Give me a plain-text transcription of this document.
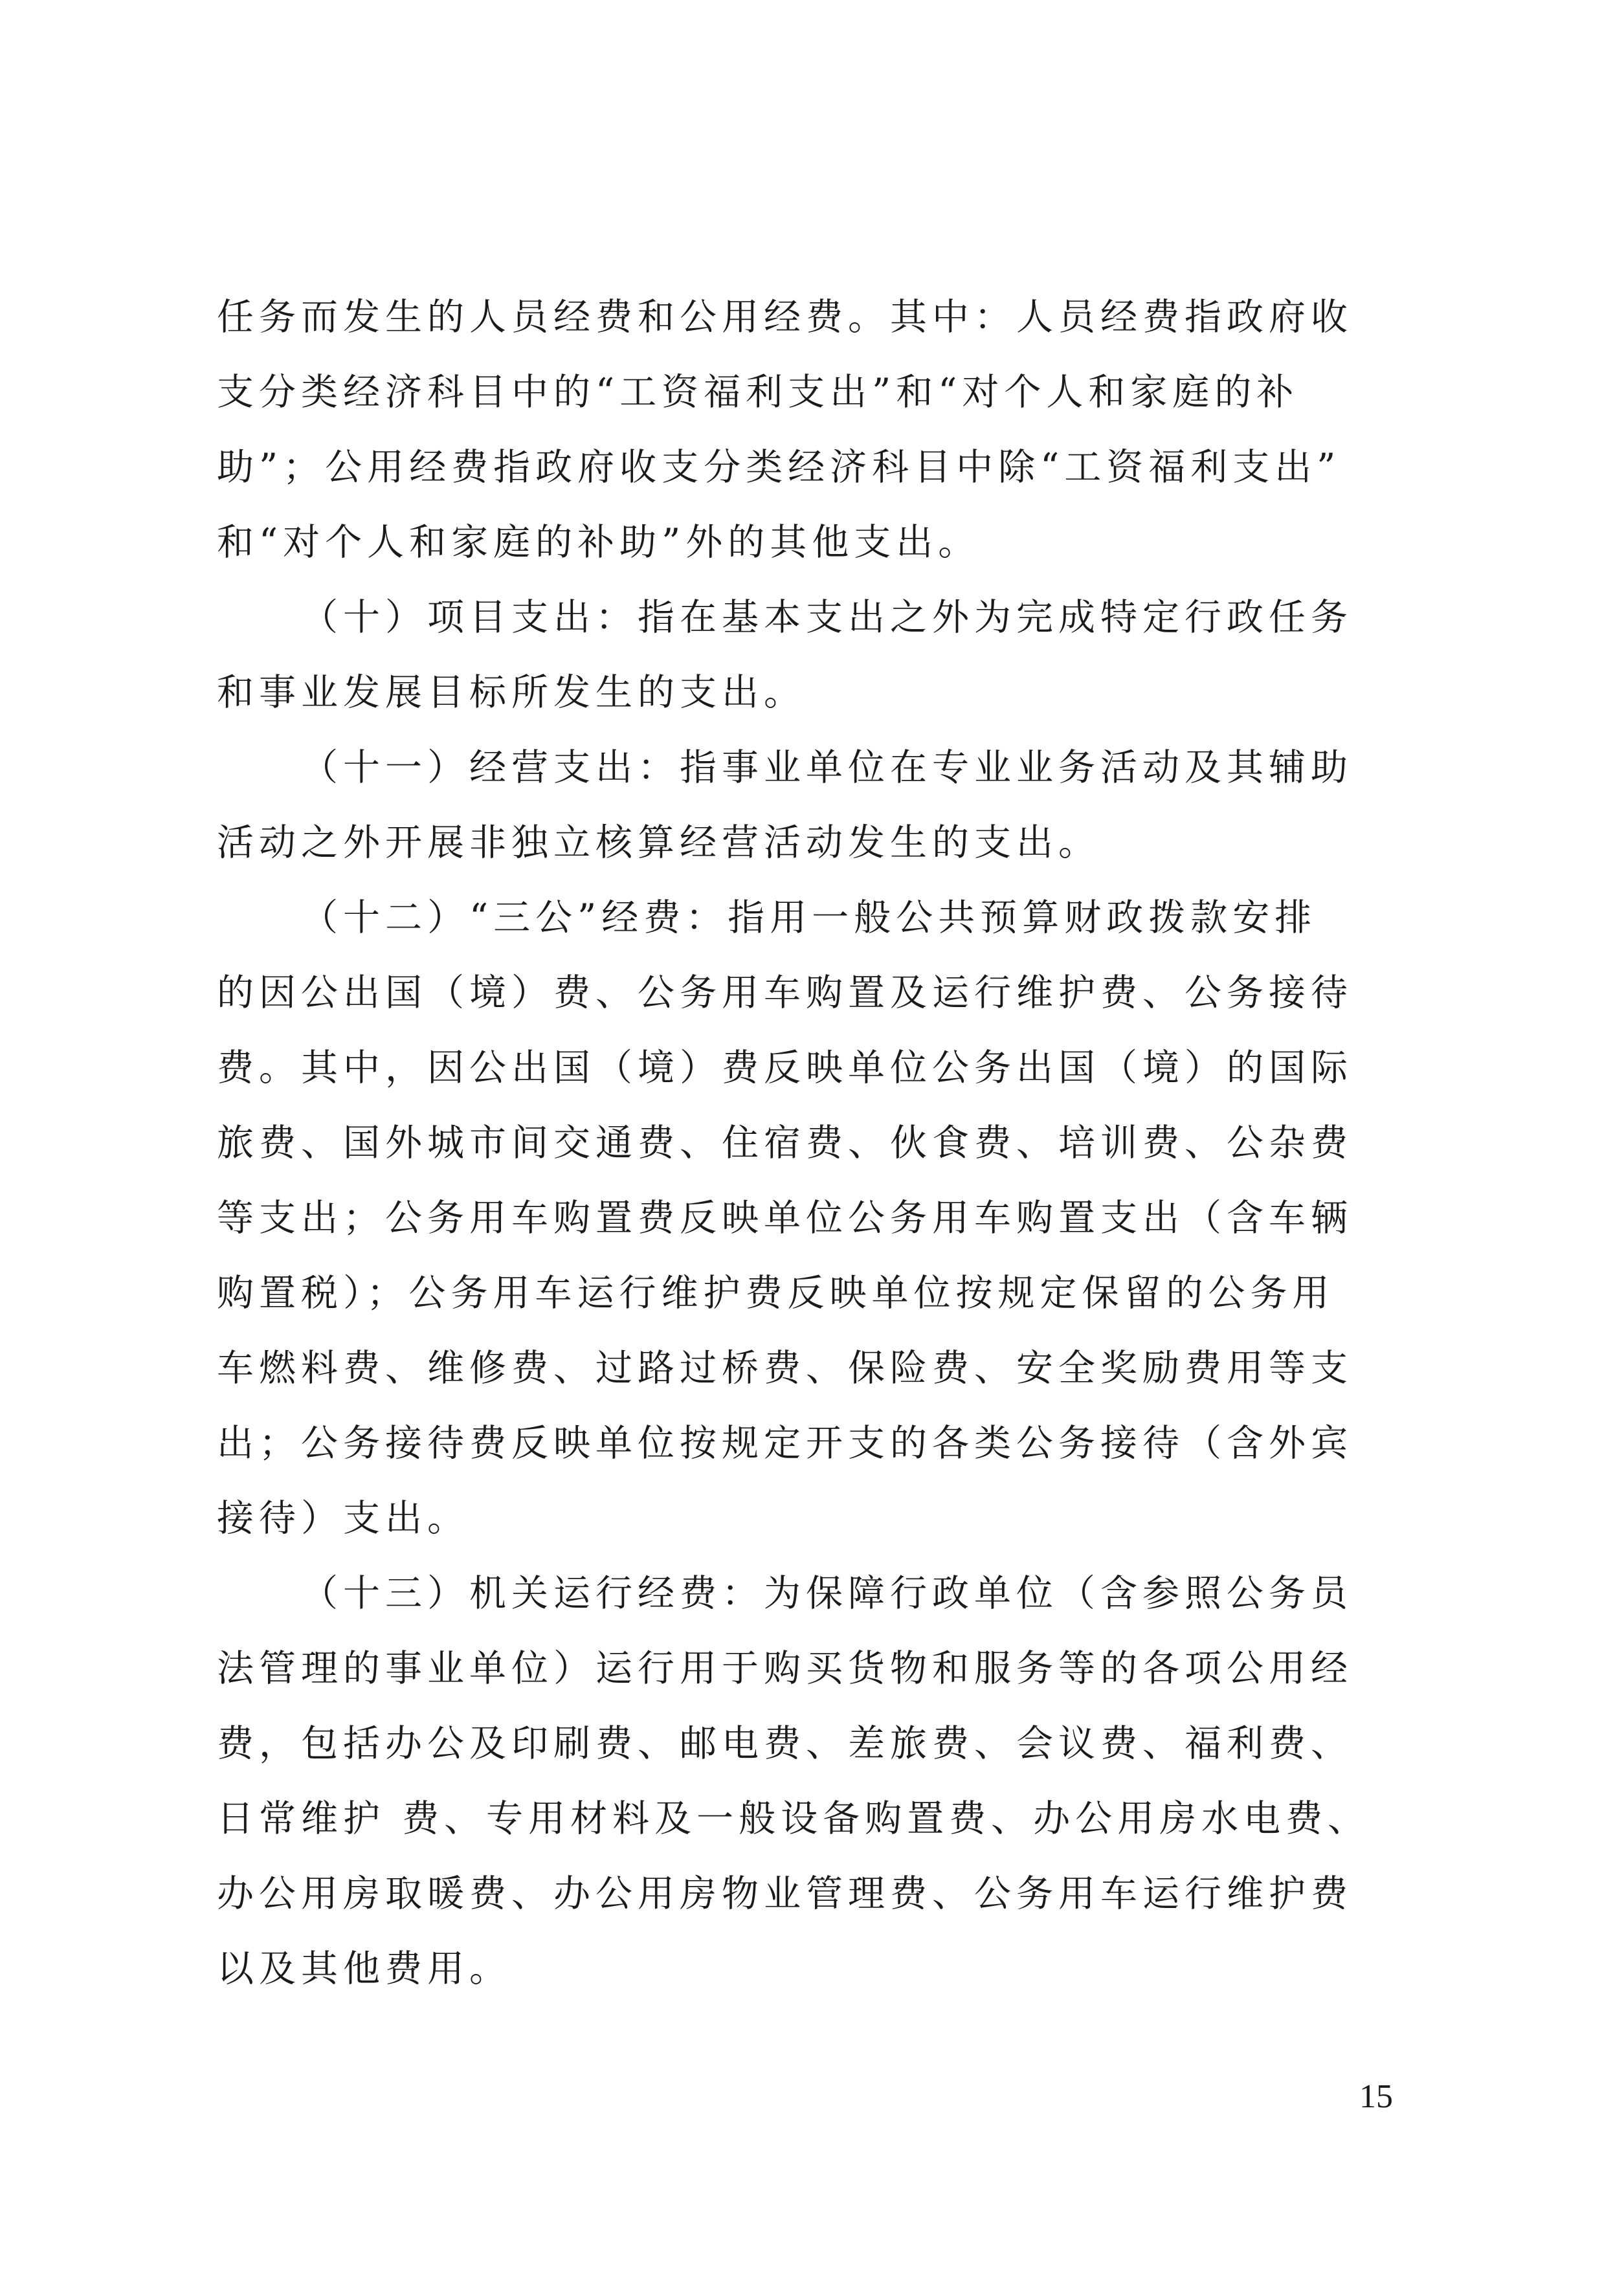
任务而发生的人员经费和公用经费。其中：人员经费指政府收
支分类经济科目中的“工资福利支出”和“对个人和家庭的补
助”；公用经费指政府收支分类经济科目中除“工资福利支出”
和“对个人和家庭的补助”外的其他支出。
（十）项目支出：指在基本支出之外为完成特定行政任务
和事业发展目标所发生的支出。
（十一）经营支出：指事业单位在专业业务活动及其辅助
活动之外开展非独立核算经营活动发生的支出。
（十二）“三公”经费：指用一般公共预算财政拨款安排
的因公出国（境）费、公务用车购置及运行维护费、公务接待
费。其中，因公出国（境）费反映单位公务出国（境）的国际
旅费、国外城市间交通费、住宿费、伙食费、培训费、公杂费
等支出；公务用车购置费反映单位公务用车购置支出（含车辆
购置税）；公务用车运行维护费反映单位按规定保留的公务用
车燃料费、维修费、过路过桥费、保险费、安全奖励费用等支
出；公务接待费反映单位按规定开支的各类公务接待（含外宾
接待）支出。
（十三）机关运行经费：为保障行政单位（含参照公务员
法管理的事业单位）运行用于购买货物和服务等的各项公用经
费，包括办公及印刷费、邮电费、差旅费、会议费、福利费、
日常维护 费、专用材料及一般设备购置费、办公用房水电费、
办公用房取暖费、办公用房物业管理费、公务用车运行维护费
以及其他费用。
15
